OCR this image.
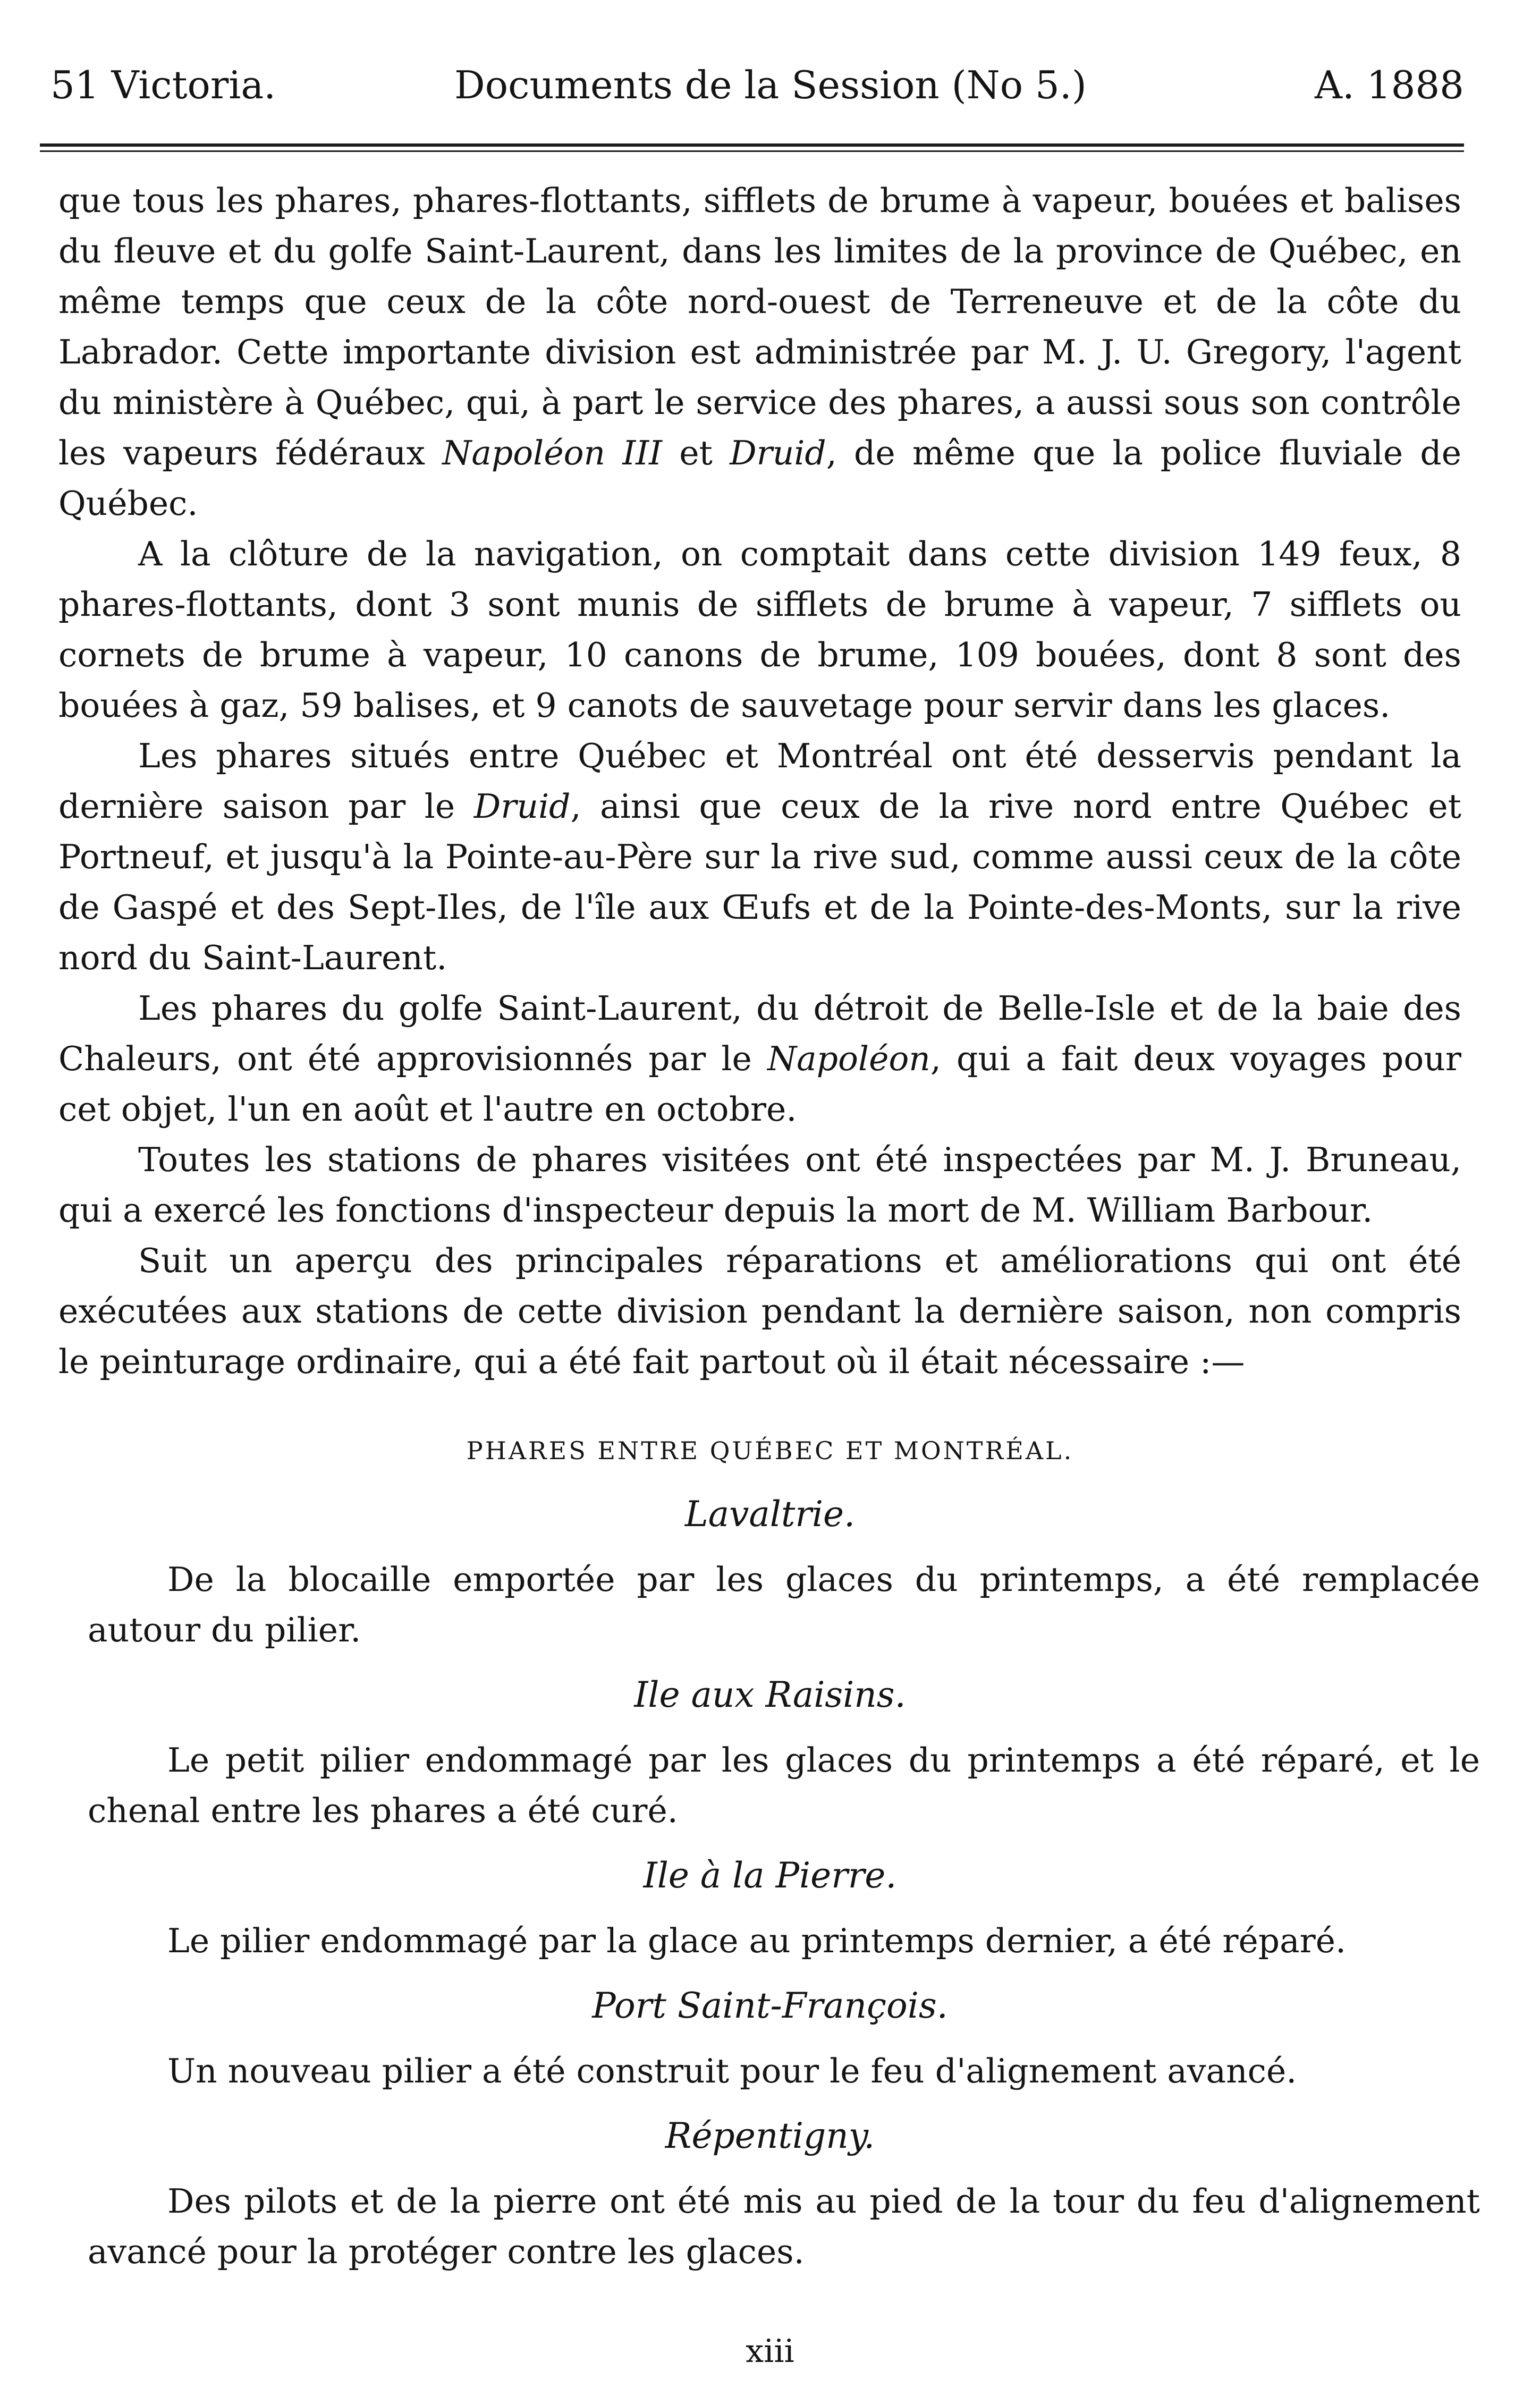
51 Victoria.	Documents de la Session (No 5.)	A. 1888

que tous les phares, phares-flottants, sifflets de brume à vapeur, bouées et balises du fleuve et du golfe Saint-Laurent, dans les limites de la province de Québec, en même temps que ceux de la côte nord-ouest de Terreneuve et de la côte du Labrador. Cette importante division est administrée par M. J. U. Gregory, l'agent du ministère à Québec, qui, à part le service des phares, a aussi sous son contrôle les vapeurs fédéraux Napoléon III et Druid, de même que la police fluviale de Québec.

A la clôture de la navigation, on comptait dans cette division 149 feux, 8 phares-flottants, dont 3 sont munis de sifflets de brume à vapeur, 7 sifflets ou cornets de brume à vapeur, 10 canons de brume, 109 bouées, dont 8 sont des bouées à gaz, 59 balises, et 9 canots de sauvetage pour servir dans les glaces.

Les phares situés entre Québec et Montréal ont été desservis pendant la dernière saison par le Druid, ainsi que ceux de la rive nord entre Québec et Portneuf, et jusqu'à la Pointe-au-Père sur la rive sud, comme aussi ceux de la côte de Gaspé et des Sept-Iles, de l'île aux Œufs et de la Pointe-des-Monts, sur la rive nord du Saint-Laurent.

Les phares du golfe Saint-Laurent, du détroit de Belle-Isle et de la baie des Chaleurs, ont été approvisionnés par le Napoléon, qui a fait deux voyages pour cet objet, l'un en août et l'autre en octobre.

Toutes les stations de phares visitées ont été inspectées par M. J. Bruneau, qui a exercé les fonctions d'inspecteur depuis la mort de M. William Barbour.

Suit un aperçu des principales réparations et améliorations qui ont été exécutées aux stations de cette division pendant la dernière saison, non compris le peinturage ordinaire, qui a été fait partout où il était nécessaire :—

PHARES ENTRE QUÉBEC ET MONTRÉAL.
Lavaltrie.

De la blocaille emportée par les glaces du printemps, a été remplacée autour du pilier.

Ile aux Raisins.

Le petit pilier endommagé par les glaces du printemps a été réparé, et le chenal entre les phares a été curé.

Ile à la Pierre.

Le pilier endommagé par la glace au printemps dernier, a été réparé.

Port Saint-François.

Un nouveau pilier a été construit pour le feu d'alignement avancé.

Répentigny.

Des pilots et de la pierre ont été mis au pied de la tour du feu d'alignement avancé pour la protéger contre les glaces.

xiii
